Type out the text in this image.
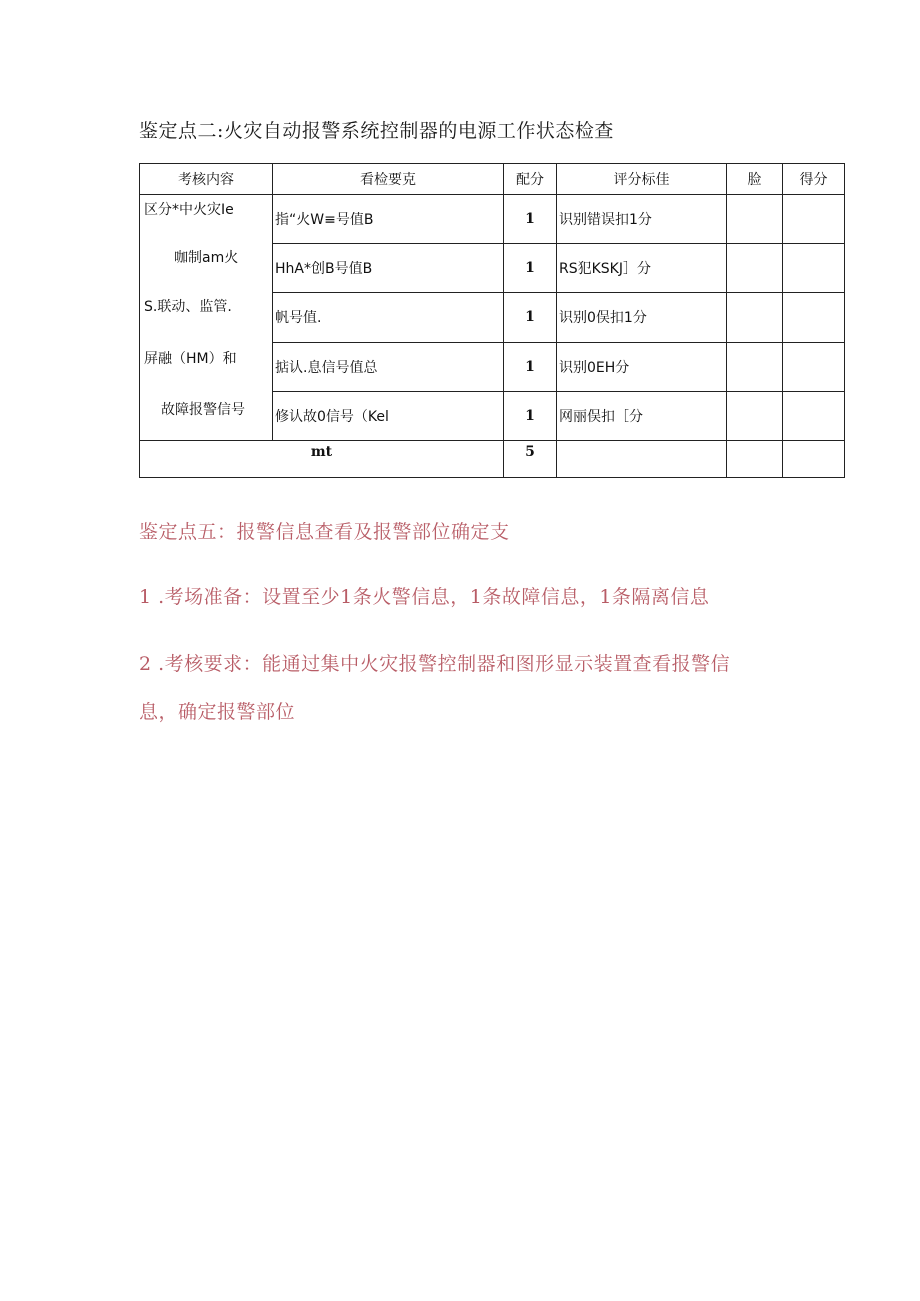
鉴定点二:火灾自动报警系统控制器的电源工作状态检查
考核内容	看检要克	配分	评分标佳	脸	得分

区分*中火灾Ie
咖制am火
S.联动、监管.
屏融（HM）和
故障报警信号	指“火W≡号值B	1	识别错误扣1分		
	HhA*创B号值B	1	RS犯KSKJ］分		
	帆号值.	1	识别0俣扣1分		
	掂认.息信号值总	1	识别0EH分		
	修认故0信号（Kel	1	网丽俣扣［分		
mt		5			
鉴定点五：报警信息查看及报警部位确定支
1 .考场准备：设置至少1条火警信息，1条故障信息，1条隔离信息
2 .考核要求：能通过集中火灾报警控制器和图形显示装置查看报警信
息，确定报警部位
